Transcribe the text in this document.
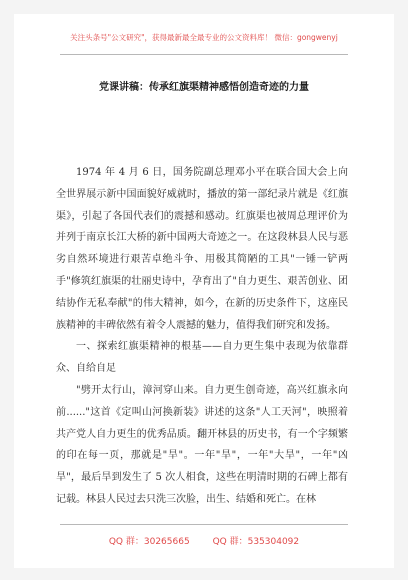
关注头条号"公文研究"，获得最新最全最专业的公文资料库！ 微信：gongwenyj
党课讲稿：传承红旗渠精神感悟创造奇迹的力量

1974 年 4 月 6 日，国务院副总理邓小平在联合国大会上向全世界展示新中国面貌好威就时，播放的第一部纪录片就是《红旗渠》，引起了各国代表们的震撼和感动。红旗渠也被周总理评价为并列于南京长江大桥的新中国两大奇迹之一。在这段林县人民与恶劣自然环境进行艰苦卓绝斗争、用极其简陋的工具"一锤一铲两手"修筑红旗渠的壮丽史诗中，孕育出了"自力更生、艰苦创业、团结协作无私奉献"的伟大精神，如今，在新的历史条件下，这座民族精神的丰碑依然有着令人震撼的魅力，值得我们研究和发扬。

一、探索红旗渠精神的根基——自力更生集中表现为依靠群众、自给自足

"劈开太行山，漳河穿山来。自力更生创奇迹，高兴红旗永向前......"这首《定叫山河换新装》讲述的这条"人工天河"，映照着共产党人自力更生的优秀品质。翻开林县的历史书，有一个字频繁的印在每一页，那就是"旱"。一年"旱"，一年"大旱"，一年"凶旱"，最后旱到发生了 5 次人相食，这些在明清时期的石碑上都有记载。林县人民过去只洗三次脸，出生、结婚和死亡。在林

QQ 群：30265665	QQ 群：535304092
